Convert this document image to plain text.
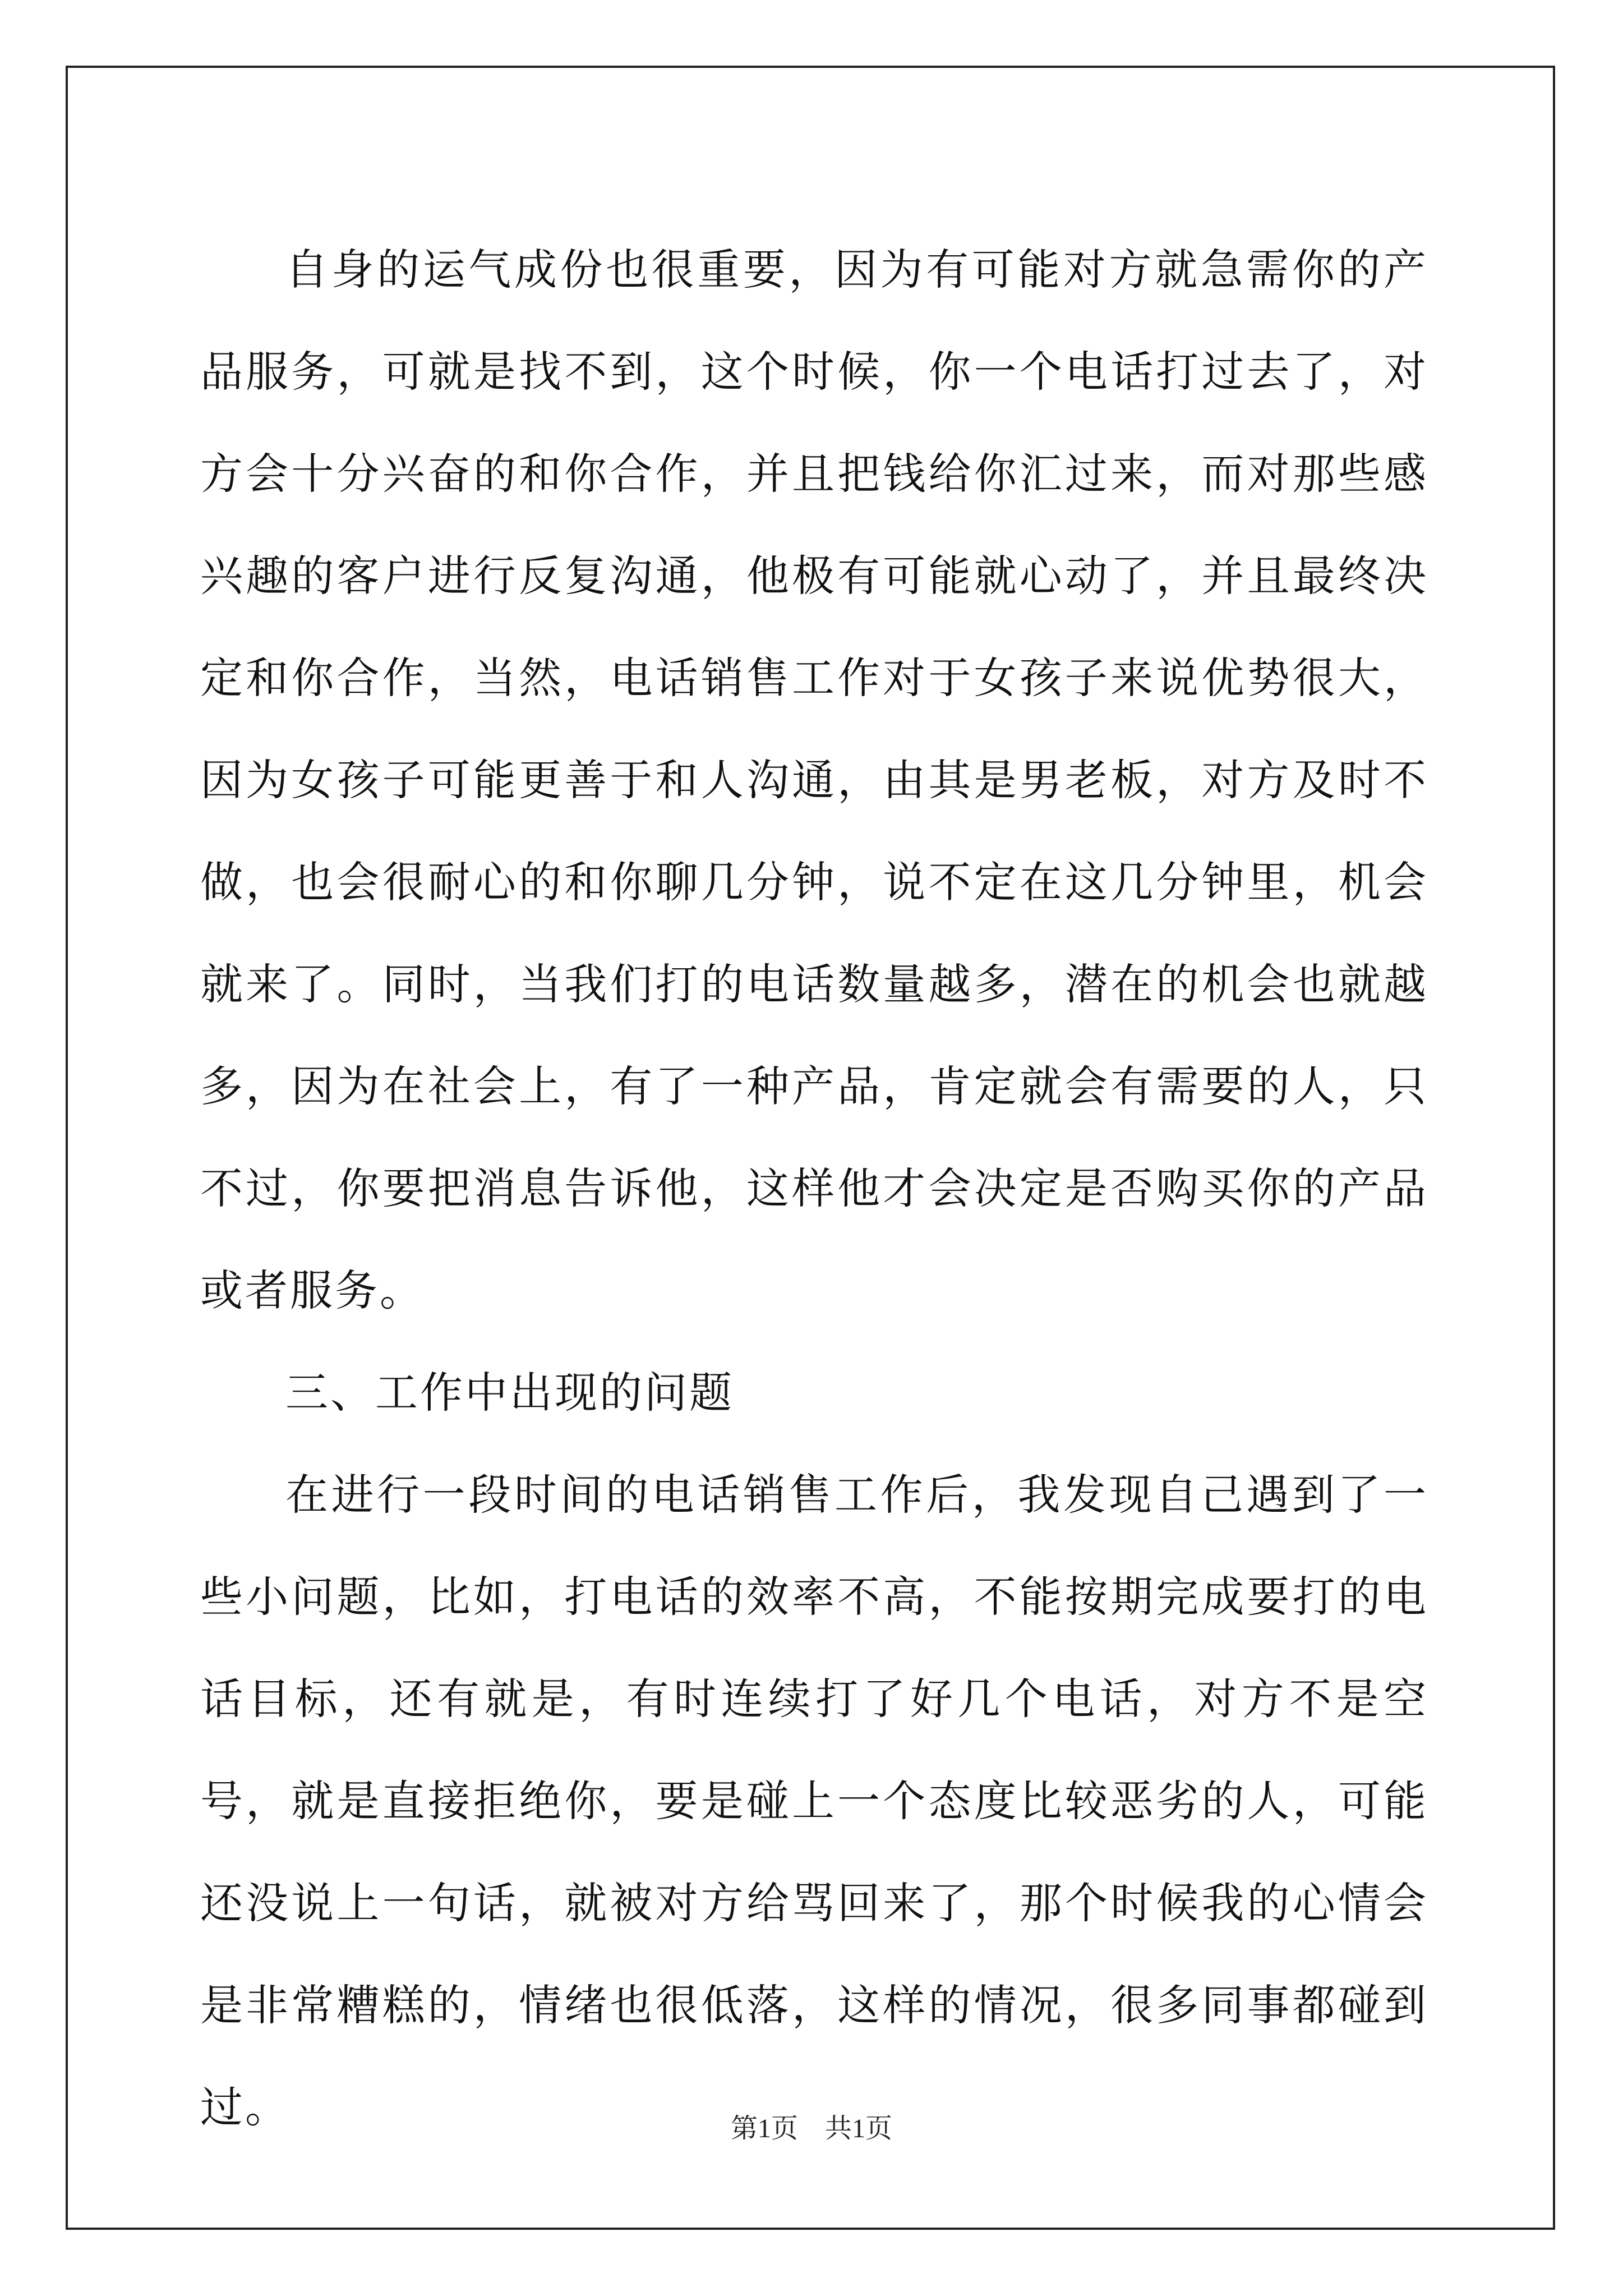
自身的运气成份也很重要，因为有可能对方就急需你的产品服务，可就是找不到，这个时候，你一个电话打过去了，对方会十分兴奋的和你合作，并且把钱给你汇过来，而对那些感兴趣的客户进行反复沟通，他极有可能就心动了，并且最终决定和你合作，当然，电话销售工作对于女孩子来说优势很大，因为女孩子可能更善于和人沟通，由其是男老板，对方及时不做，也会很耐心的和你聊几分钟，说不定在这几分钟里，机会就来了。同时，当我们打的电话数量越多，潜在的机会也就越多，因为在社会上，有了一种产品，肯定就会有需要的人，只不过，你要把消息告诉他，这样他才会决定是否购买你的产品或者服务。

三、工作中出现的问题

在进行一段时间的电话销售工作后，我发现自己遇到了一些小问题，比如，打电话的效率不高，不能按期完成要打的电话目标，还有就是，有时连续打了好几个电话，对方不是空号，就是直接拒绝你，要是碰上一个态度比较恶劣的人，可能还没说上一句话，就被对方给骂回来了，那个时候我的心情会是非常糟糕的，情绪也很低落，这样的情况，很多同事都碰到过。	第1页 共1页
